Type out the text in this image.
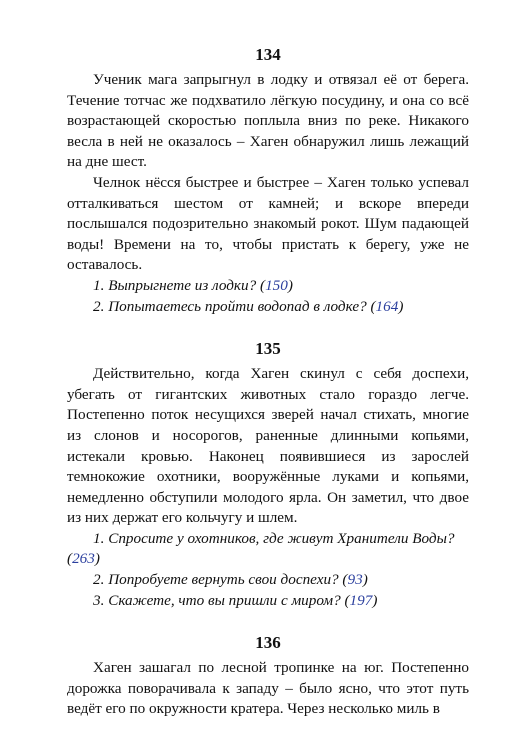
134

Ученик мага запрыгнул в лодку и отвязал её от берега. Течение тотчас же подхватило лёгкую посудину, и она со всё возрастающей скоростью поплыла вниз по реке. Никакого весла в ней не оказалось – Хаген обнаружил лишь лежащий на дне шест.

Челнок нёсся быстрее и быстрее – Хаген только успевал отталкиваться шестом от камней; и вскоре впереди послышался подозрительно знакомый рокот. Шум падающей воды! Времени на то, чтобы пристать к берегу, уже не оставалось.

1. Выпрыгнете из лодки? (150)

2. Попытаетесь пройти водопад в лодке? (164)

135

Действительно, когда Хаген скинул с себя доспехи, убегать от гигантских животных стало гораздо легче. Постепенно поток несущихся зверей начал стихать, многие из слонов и носорогов, раненные длинными копьями, истекали кровью. Наконец появившиеся из зарослей темнокожие охотники, вооружённые луками и копьями, немедленно обступили молодого ярла. Он заметил, что двое из них держат его кольчугу и шлем.

1. Спросите у охотников, где живут Хранители Воды? (263)

2. Попробуете вернуть свои доспехи? (93)

3. Скажете, что вы пришли с миром? (197)

136

Хаген зашагал по лесной тропинке на юг. Постепенно дорожка поворачивала к западу – было ясно, что этот путь ведёт его по окружности кратера. Через несколько миль в
